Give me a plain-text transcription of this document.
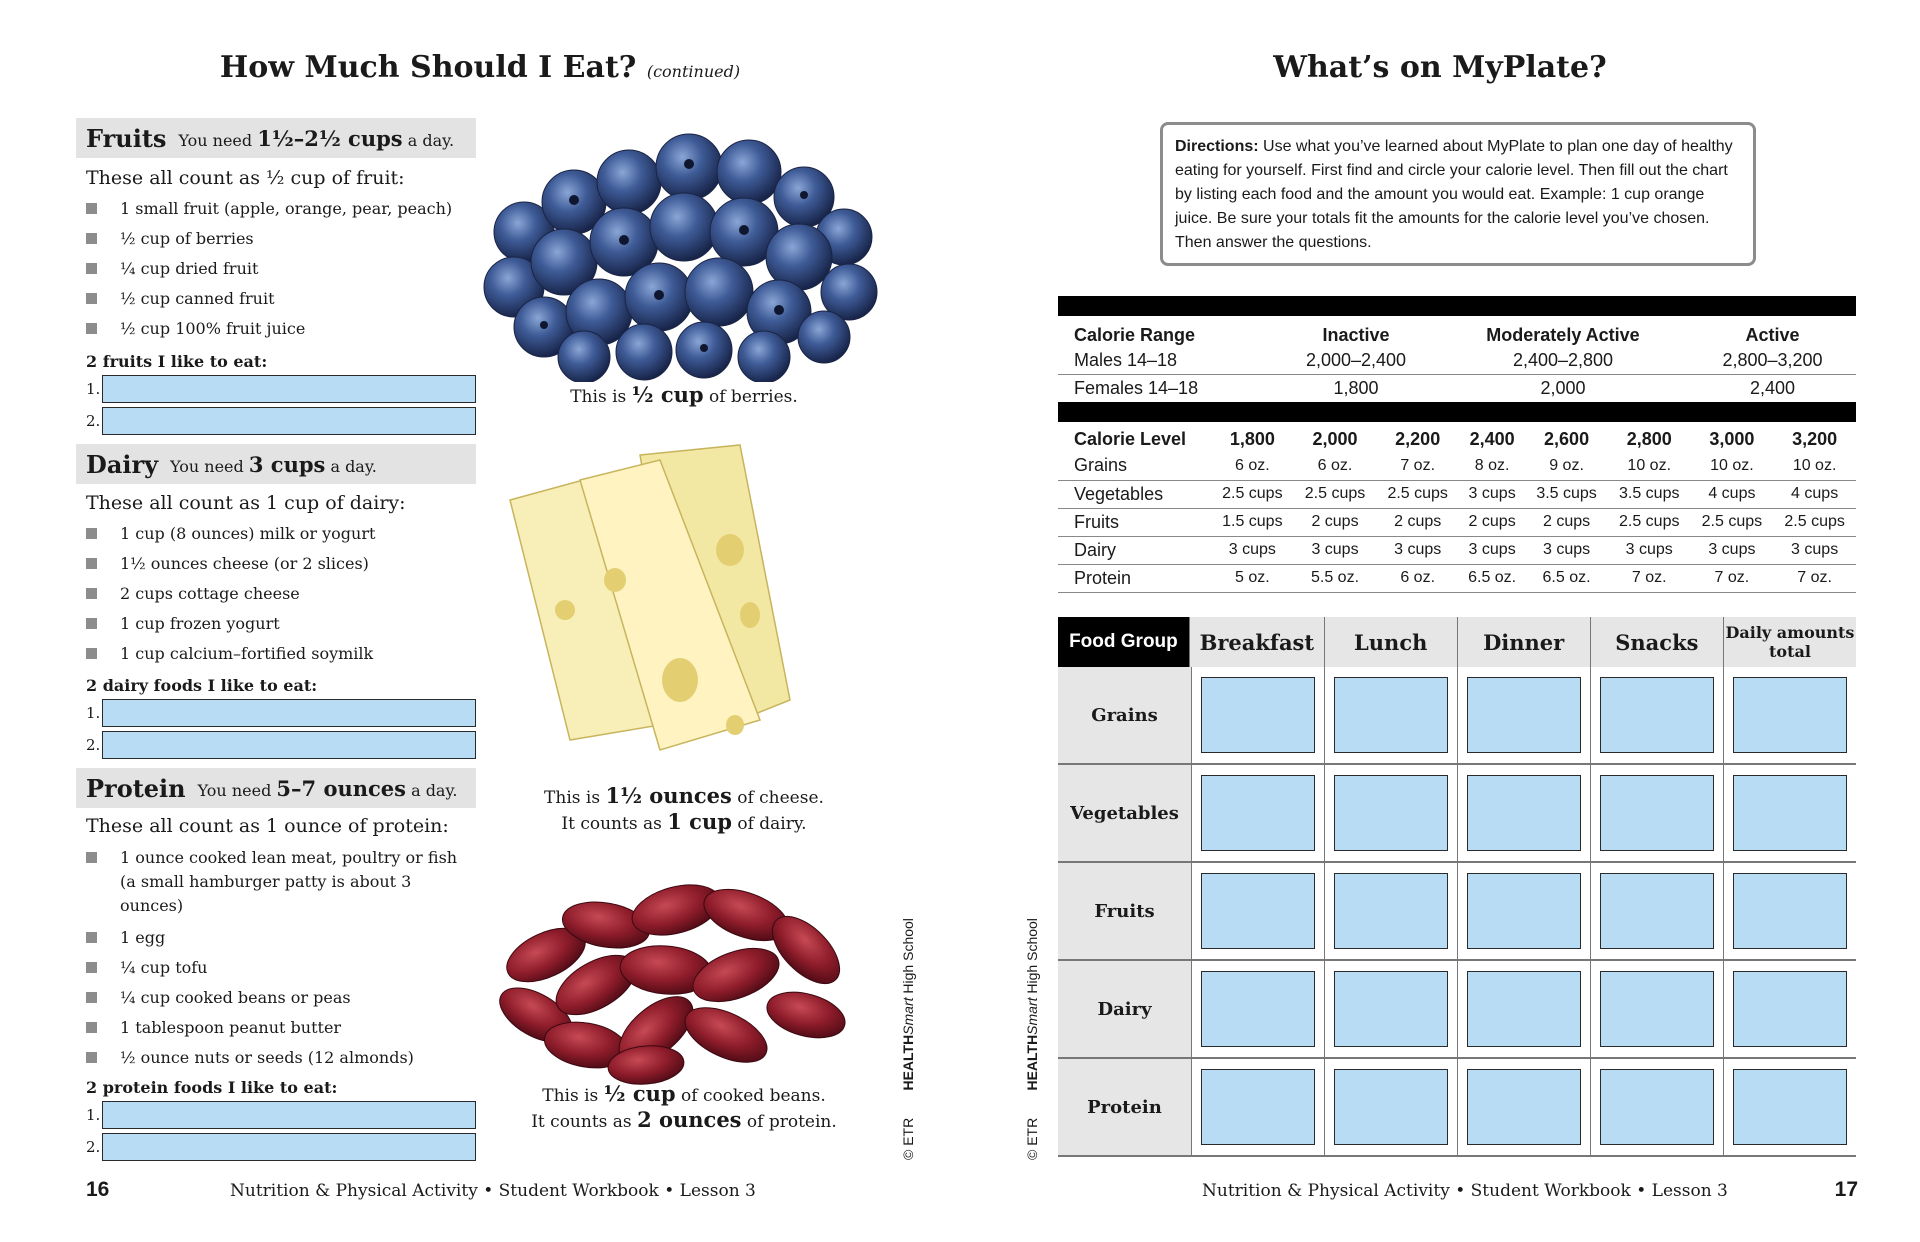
How Much Should I Eat? (continued)
Fruits You need 1½–2½ cups a day.
These all count as ½ cup of fruit:
1 small fruit (apple, orange, pear, peach)
½ cup of berries
¼ cup dried fruit
½ cup canned fruit
½ cup 100% fruit juice
2 fruits I like to eat:
1.
2.
Dairy You need 3 cups a day.
These all count as 1 cup of dairy:
1 cup (8 ounces) milk or yogurt
1½ ounces cheese (or 2 slices)
2 cups cottage cheese
1 cup frozen yogurt
1 cup calcium–fortified soymilk
2 dairy foods I like to eat:
1.
2.
Protein You need 5–7 ounces a day.
These all count as 1 ounce of protein:
1 ounce cooked lean meat, poultry or fish (a small hamburger patty is about 3 ounces)
1 egg
¼ cup tofu
¼ cup cooked beans or peas
1 tablespoon peanut butter
½ ounce nuts or seeds (12 almonds)
2 protein foods I like to eat:
1.
2.
This is ½ cup of berries.
This is 1½ ounces of cheese.
It counts as 1 cup of dairy.
This is ½ cup of cooked beans.
It counts as 2 ounces of protein.	© ETR       HEALTHSmart High School
16	Nutrition & Physical Activity • Student Workbook • Lesson 3
What’s on MyPlate?
Directions: Use what you’ve learned about MyPlate to plan one day of healthy eating for yourself. First find and circle your calorie level. Then fill out the chart by listing each food and the amount you would eat. Example: 1 cup orange juice. Be sure your totals fit the amounts for the calorie level you’ve chosen. Then answer the questions.
Calorie Range	Inactive	Moderately Active	Active
Males 14–18	2,000–2,400	2,400–2,800	2,800–3,200
Females 14–18	1,800	2,000	2,400
Calorie Level	1,800	2,000	2,200	2,400	2,600	2,800	3,000	3,200
Grains	6 oz.	6 oz.	7 oz.	8 oz.	9 oz.	10 oz.	10 oz.	10 oz.
Vegetables	2.5 cups	2.5 cups	2.5 cups	3 cups	3.5 cups	3.5 cups	4 cups	4 cups
Fruits	1.5 cups	2 cups	2 cups	2 cups	2 cups	2.5 cups	2.5 cups	2.5 cups
Dairy	3 cups	3 cups	3 cups	3 cups	3 cups	3 cups	3 cups	3 cups
Protein	5 oz.	5.5 oz.	6 oz.	6.5 oz.	6.5 oz.	7 oz.	7 oz.	7 oz.
Food Group	Breakfast	Lunch	Dinner	Snacks	Daily amounts total
Grains
Vegetables
Fruits
Dairy
Protein
© ETR       HEALTHSmart High School
Nutrition & Physical Activity • Student Workbook • Lesson 3	17
